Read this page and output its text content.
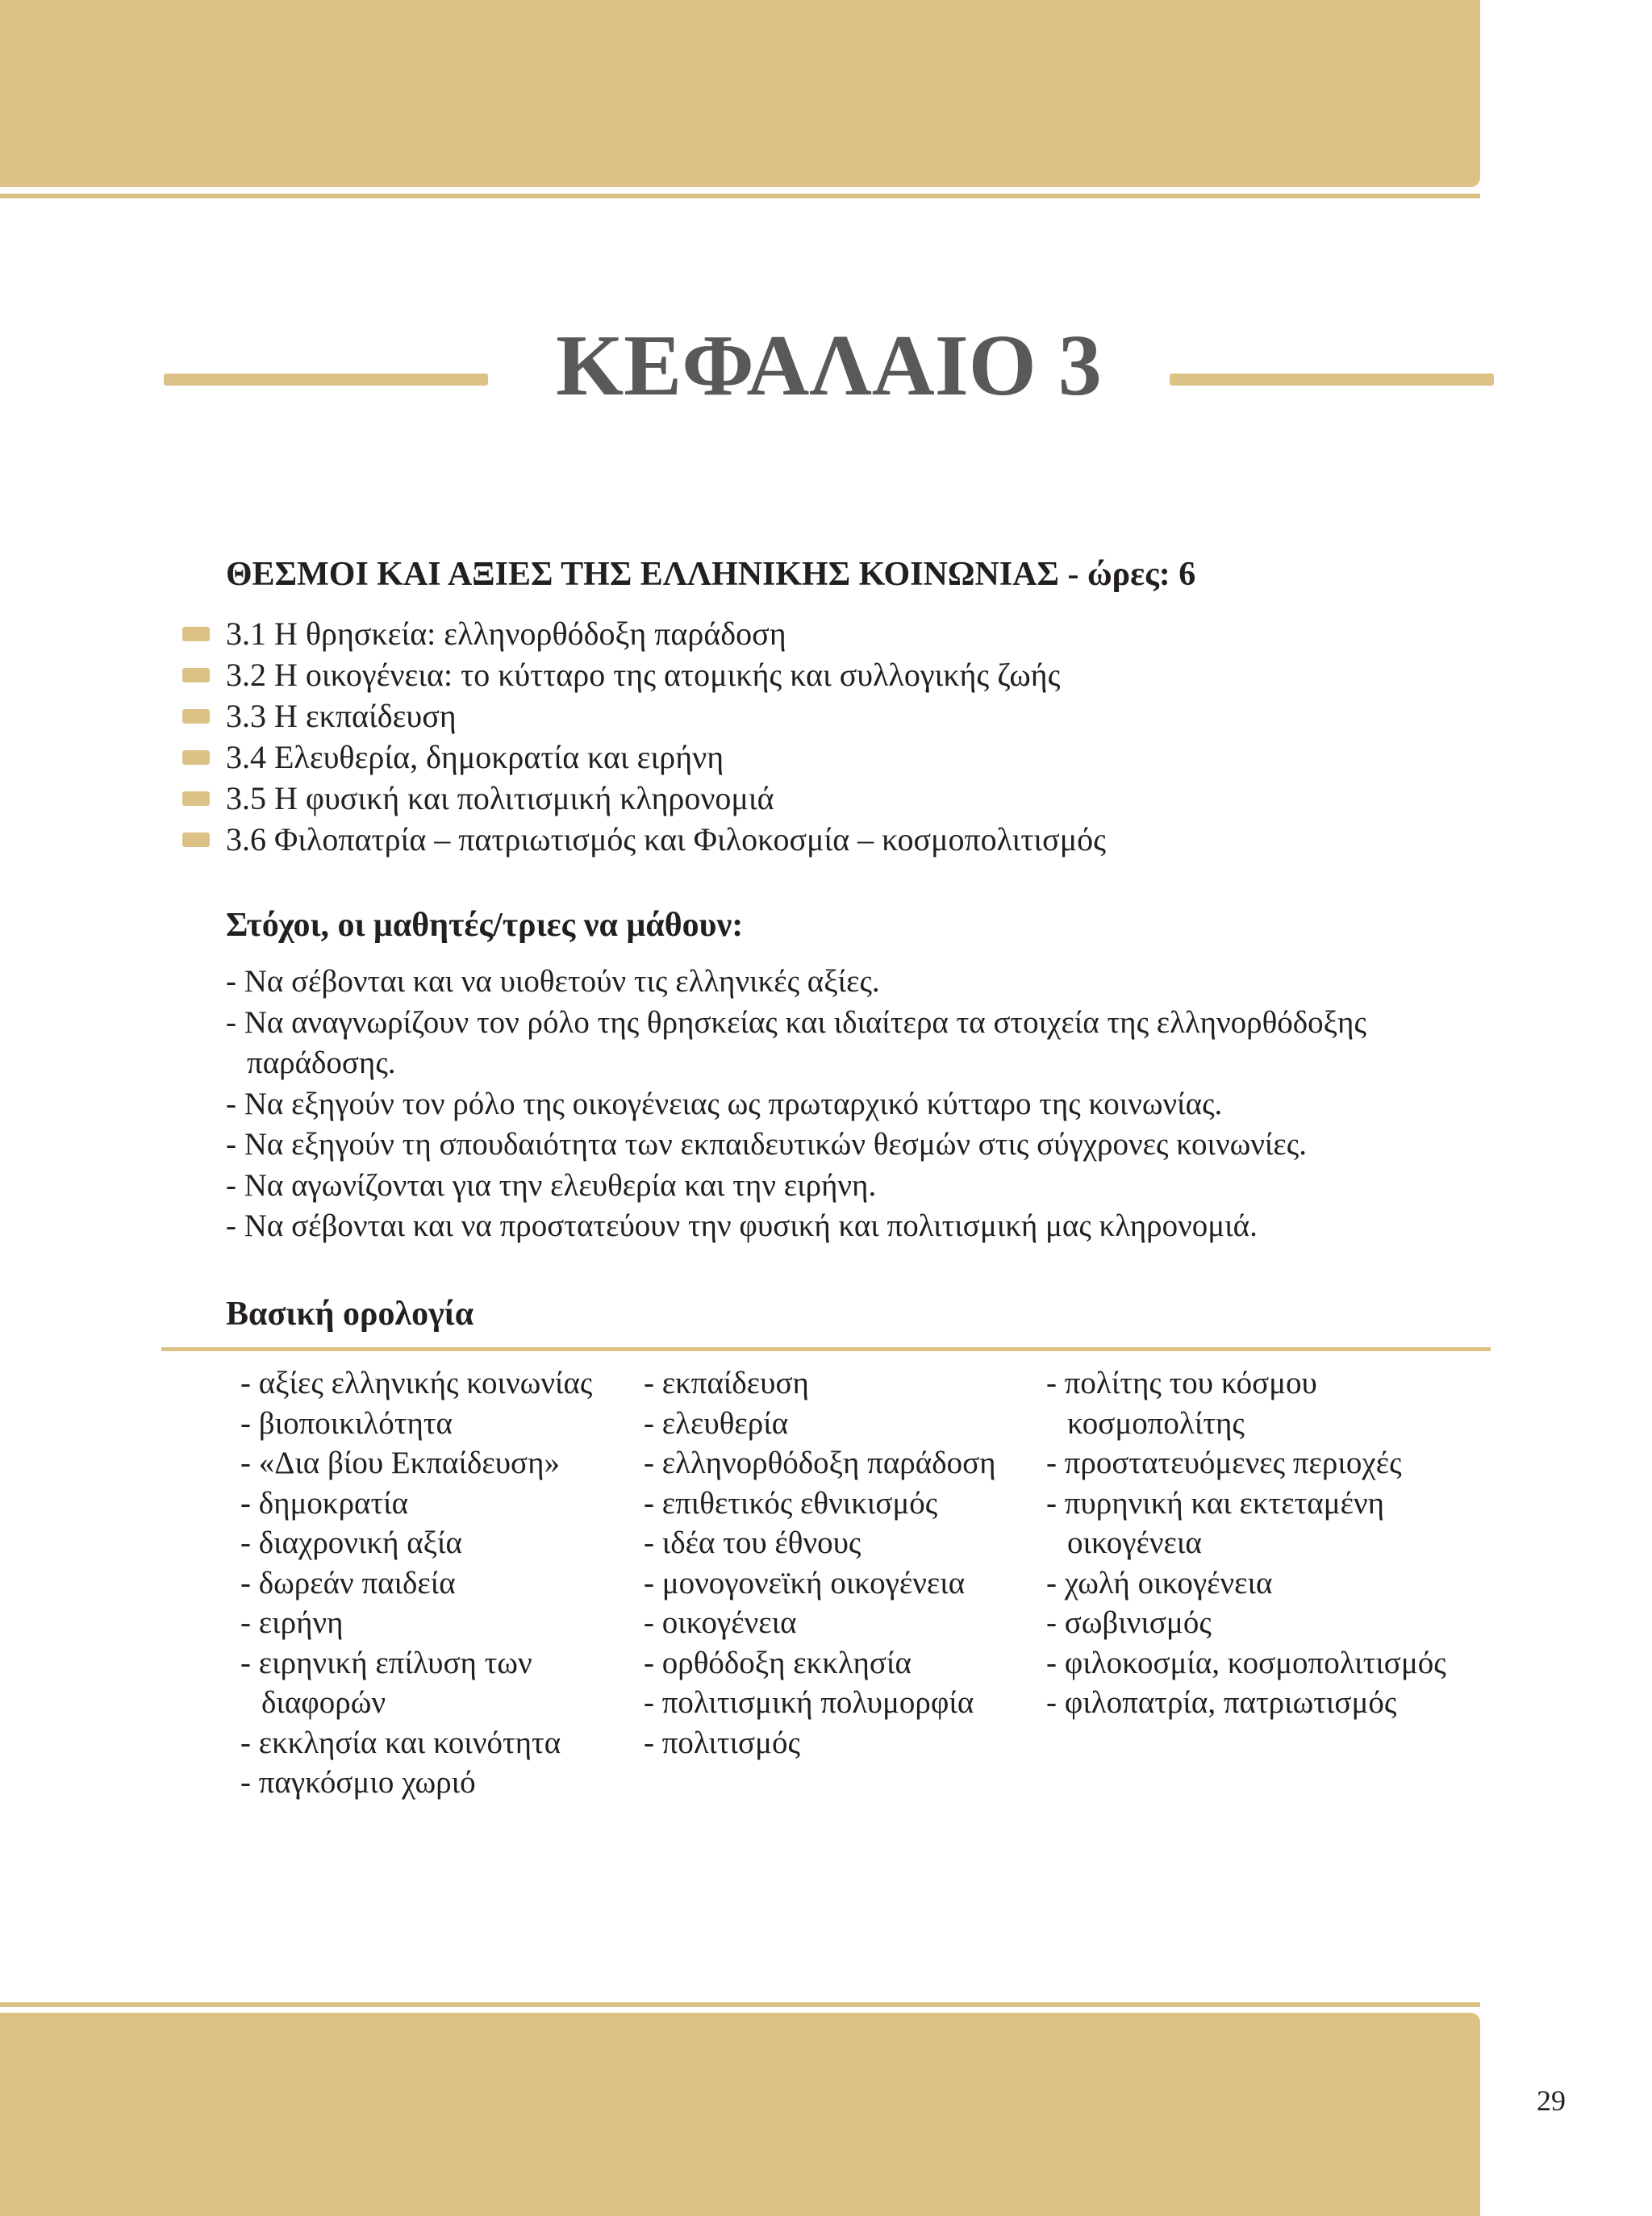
ΚΕΦΑΛΑΙΟ 3
ΘΕΣΜΟΙ ΚΑΙ ΑΞΙΕΣ ΤΗΣ ΕΛΛΗΝΙΚΗΣ ΚΟΙΝΩΝΙΑΣ - ώρες: 6
3.1 Η θρησκεία: ελληνορθόδοξη παράδοση
3.2 Η οικογένεια: το κύτταρο της ατομικής και συλλογικής ζωής
3.3 Η εκπαίδευση
3.4 Ελευθερία, δημοκρατία και ειρήνη
3.5 Η φυσική και πολιτισμική κληρονομιά
3.6 Φιλοπατρία – πατριωτισμός και Φιλοκοσμία – κοσμοπολιτισμός
Στόχοι, οι μαθητές/τριες να μάθουν:
- Να σέβονται και να υιοθετούν τις ελληνικές αξίες.
- Να αναγνωρίζουν τον ρόλο της θρησκείας και ιδιαίτερα τα στοιχεία της ελληνορθόδοξης παράδοσης.
- Να εξηγούν τον ρόλο της οικογένειας ως πρωταρχικό κύτταρο της κοινωνίας.
- Να εξηγούν τη σπουδαιότητα των εκπαιδευτικών θεσμών στις σύγχρονες κοινωνίες.
- Να αγωνίζονται για την ελευθερία και την ειρήνη.
- Να σέβονται και να προστατεύουν την φυσική και πολιτισμική μας κληρονομιά.
Βασική ορολογία
- αξίες ελληνικής κοινωνίας
- βιοποικιλότητα
- «Δια βίου Εκπαίδευση»
- δημοκρατία
- διαχρονική αξία
- δωρεάν παιδεία
- ειρήνη
- ειρηνική επίλυση των διαφορών
- εκκλησία και κοινότητα
- παγκόσμιο χωριό
- εκπαίδευση
- ελευθερία
- ελληνορθόδοξη παράδοση
- επιθετικός εθνικισμός
- ιδέα του έθνους
- μονογονεϊκή οικογένεια
- οικογένεια
- ορθόδοξη εκκλησία
- πολιτισμική πολυμορφία
- πολιτισμός
- πολίτης του κόσμου κοσμοπολίτης
- προστατευόμενες περιοχές
- πυρηνική και εκτεταμένη οικογένεια
- χωλή οικογένεια
- σωβινισμός
- φιλοκοσμία, κοσμοπολιτισμός
- φιλοπατρία, πατριωτισμός
29
